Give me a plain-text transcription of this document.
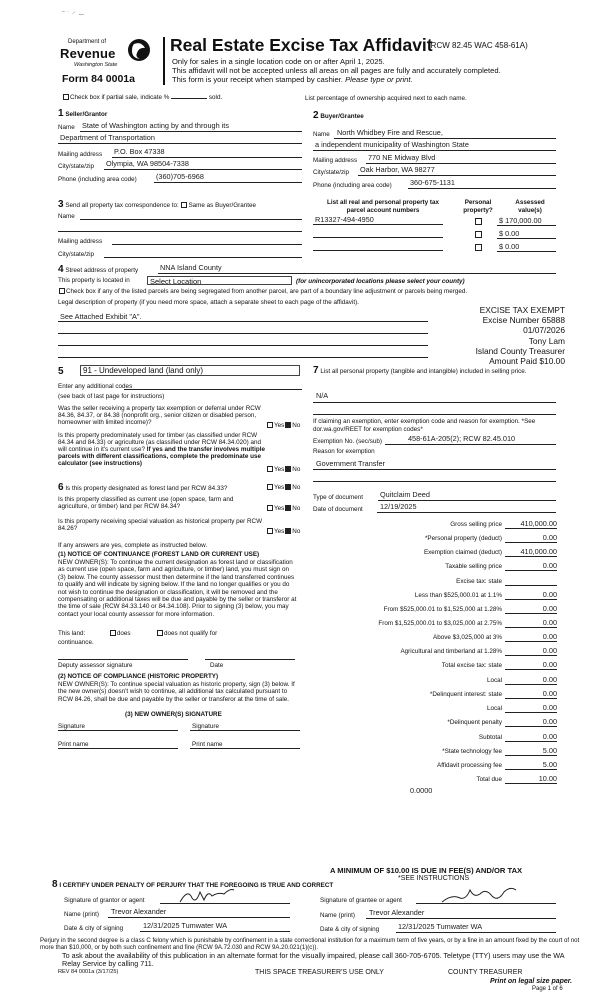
˜ ˙ ⸍ ∽
Department of
Revenue
Washington State
Form 84 0001a
Real Estate Excise Tax Affidavit
(RCW 82.45 WAC 458-61A)
Only for sales in a single location code on or after April 1, 2025.
This affidavit will not be accepted unless all areas on all pages are fully and accurately completed.
This form is your receipt when stamped by cashier. Please type or print.
Check box if partial sale, indicate %	sold.	List percentage of ownership acquired next to each name.
1 Seller/Grantor
Name State of Washington acting by and through its
Department of Transportation
Mailing address P.O. Box 47338
City/state/zip Olympia, WA 98504-7338
Phone (including area code)	(360)705-6968
2 Buyer/Grantee
Name North Whidbey Fire and Rescue,
a independent municipality of Washington State
Mailing address 770 NE Midway Blvd
City/state/zip Oak Harbor, WA 98277
Phone (including area code) 360-675-1131
3 Send all property tax correspondence to: Same as Buyer/Grantee
Name
Mailing address
City/state/zip
List all real and personal property tax
parcel account numbers
Personal
property?
Assessed
value(s)
R13327-494-4950	$ 170,000.00
$ 0.00
$ 0.00
4 Street address of property	NNA Island County
This property is located in	Select Location	(for unincorporated locations please select your county)
Check box if any of the listed parcels are being segregated from another parcel, are part of a boundary line adjustment or parcels being merged.
Legal description of property (if you need more space, attach a separate sheet to each page of the affidavit).
See Attached Exhibit "A".
EXCISE TAX EXEMPT
Excise Number 65888
01/07/2026
Tony Lam
Island County Treasurer
Amount Paid $10.00
5	91 - Undeveloped land (land only)
Enter any additional codes
(see back of last page for instructions)
Was the seller receiving a property tax exemption or deferral under RCW 84.36, 84.37, or 84.38 (nonprofit org., senior citizen or disabled person, homeowner with limited income)?	Yes No
Is this property predominately used for timber (as classified under RCW 84.34 and 84.33) or agriculture (as classified under RCW 84.34.020) and will continue in it's current use? If yes and the transfer involves multiple parcels with different classifications, complete the predominate use calculator (see instructions)
Yes No
6 Is this property designated as forest land per RCW 84.33?	Yes No
Is this property classified as current use (open space, farm and agriculture, or timber) land per RCW 84.34?	Yes No
Is this property receiving special valuation as historical property per RCW 84.26?	Yes No
If any answers are yes, complete as instructed below.
(1) NOTICE OF CONTINUANCE (FOREST LAND OR CURRENT USE)
NEW OWNER(S): To continue the current designation as forest land or classification as current use (open space, farm and agriculture, or timber) land, you must sign on (3) below. The county assessor must then determine if the land transferred continues to qualify and will indicate by signing below. If the land no longer qualifies or you do not wish to continue the designation or classification, it will be removed and the compensating or additional taxes will be due and payable by the seller or transferor at the time of sale (RCW 84.33.140 or 84.34.108). Prior to signing (3) below, you may contact your local county assessor for more information.
This land:	does	does not qualify for
continuance.
Deputy assessor signature	Date
(2) NOTICE OF COMPLIANCE (HISTORIC PROPERTY)
NEW OWNER(S): To continue special valuation as historic property, sign (3) below. If the new owner(s) doesn't wish to continue, all additional tax calculated pursuant to RCW 84.26, shall be due and payable by the seller or transferor at the time of sale.
(3) NEW OWNER(S) SIGNATURE
Signature	Signature
Print name	Print name
7 List all personal property (tangible and intangible) included in selling price.
N/A
If claiming an exemption, enter exemption code and reason for exemption. *See dor.wa.gov/REET for exemption codes*
Exemption No. (sec/sub)	458-61A-205(2); RCW 82.45.010
Reason for exemption
Government Transfer
Type of document Quitclaim Deed
Date of document 12/19/2025
Gross selling price	410,000.00
*Personal property (deduct)	0.00
Exemption claimed (deduct)	410,000.00
Taxable selling price	0.00
Excise tax: state
Less than $525,000.01 at 1.1%	0.00
From $525,000.01 to $1,525,000 at 1.28%	0.00
From $1,525,000.01 to $3,025,000 at 2.75%	0.00
Above $3,025,000 at 3%	0.00
Agricultural and timberland at 1.28%	0.00
Total excise tax: state	0.00
Local	0.00
*Delinquent interest: state	0.00
Local	0.00
*Delinquent penalty	0.00
Subtotal	0.00
*State technology fee	5.00
Affidavit processing fee	5.00
Total due	10.00
0.0000
A MINIMUM OF $10.00 IS DUE IN FEE(S) AND/OR TAX
*SEE INSTRUCTIONS
8 I CERTIFY UNDER PENALTY OF PERJURY THAT THE FOREGOING IS TRUE AND CORRECT
Signature of grantor or agent	Signature of grantee or agent
Name (print) Trevor Alexander	Name (print) Trevor Alexander
Date & city of signing	12/31/2025 Tumwater WA	Date & city of signing	12/31/2025 Tumwater WA
Perjury in the second degree is a class C felony which is punishable by confinement in a state correctional institution for a maximum term of five years, or by a fine in an amount fixed by the court of not more than $10,000, or by both such confinement and fine (RCW 9A.72.030 and RCW 9A.20.021(1)(c)).
To ask about the availability of this publication in an alternate format for the visually impaired, please call 360-705-6705. Teletype (TTY) users may use the WA Relay Service by calling 711.
REV 84 0001a (3/17/25)	THIS SPACE TREASURER'S USE ONLY	COUNTY TREASURER
Print on legal size paper.
Page 1 of 6
